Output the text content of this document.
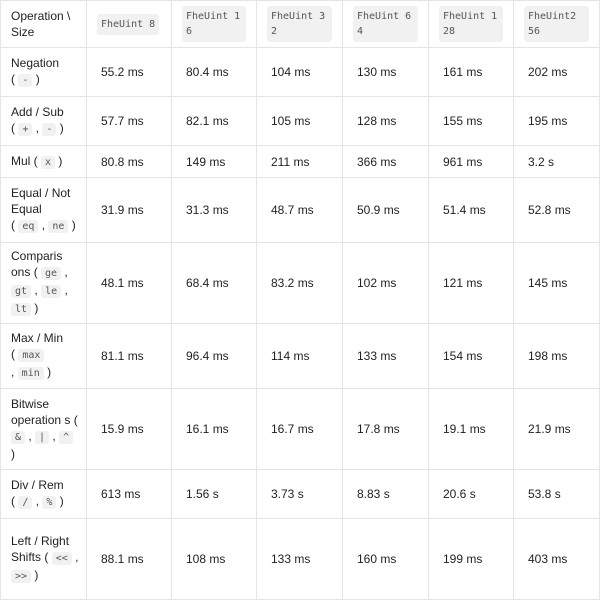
Operation \ Size	FheUint 8	FheUint 16	FheUint 32	FheUint 64	FheUint 128	FheUint2 56
Negation
( - )	55.2 ms	80.4 ms	104 ms	130 ms	161 ms	202 ms
Add / Sub
( + , - )	57.7 ms	82.1 ms	105 ms	128 ms	155 ms	195 ms
Mul ( x )	80.8 ms	149 ms	211 ms	366 ms	961 ms	3.2 s
Equal / Not Equal
( eq , ne )	31.9 ms	31.3 ms	48.7 ms	50.9 ms	51.4 ms	52.8 ms
Comparis ons ( ge , gt , le , lt )	48.1 ms	68.4 ms	83.2 ms	102 ms	121 ms	145 ms
Max / Min
( max
, min )	81.1 ms	96.4 ms	114 ms	133 ms	154 ms	198 ms
Bitwise operation s ( & , | , ^ )	15.9 ms	16.1 ms	16.7 ms	17.8 ms	19.1 ms	21.9 ms
Div / Rem
( / , % )	613 ms	1.56 s	3.73 s	8.83 s	20.6 s	53.8 s
Left / Right Shifts ( << , >> )	88.1 ms	108 ms	133 ms	160 ms	199 ms	403 ms
